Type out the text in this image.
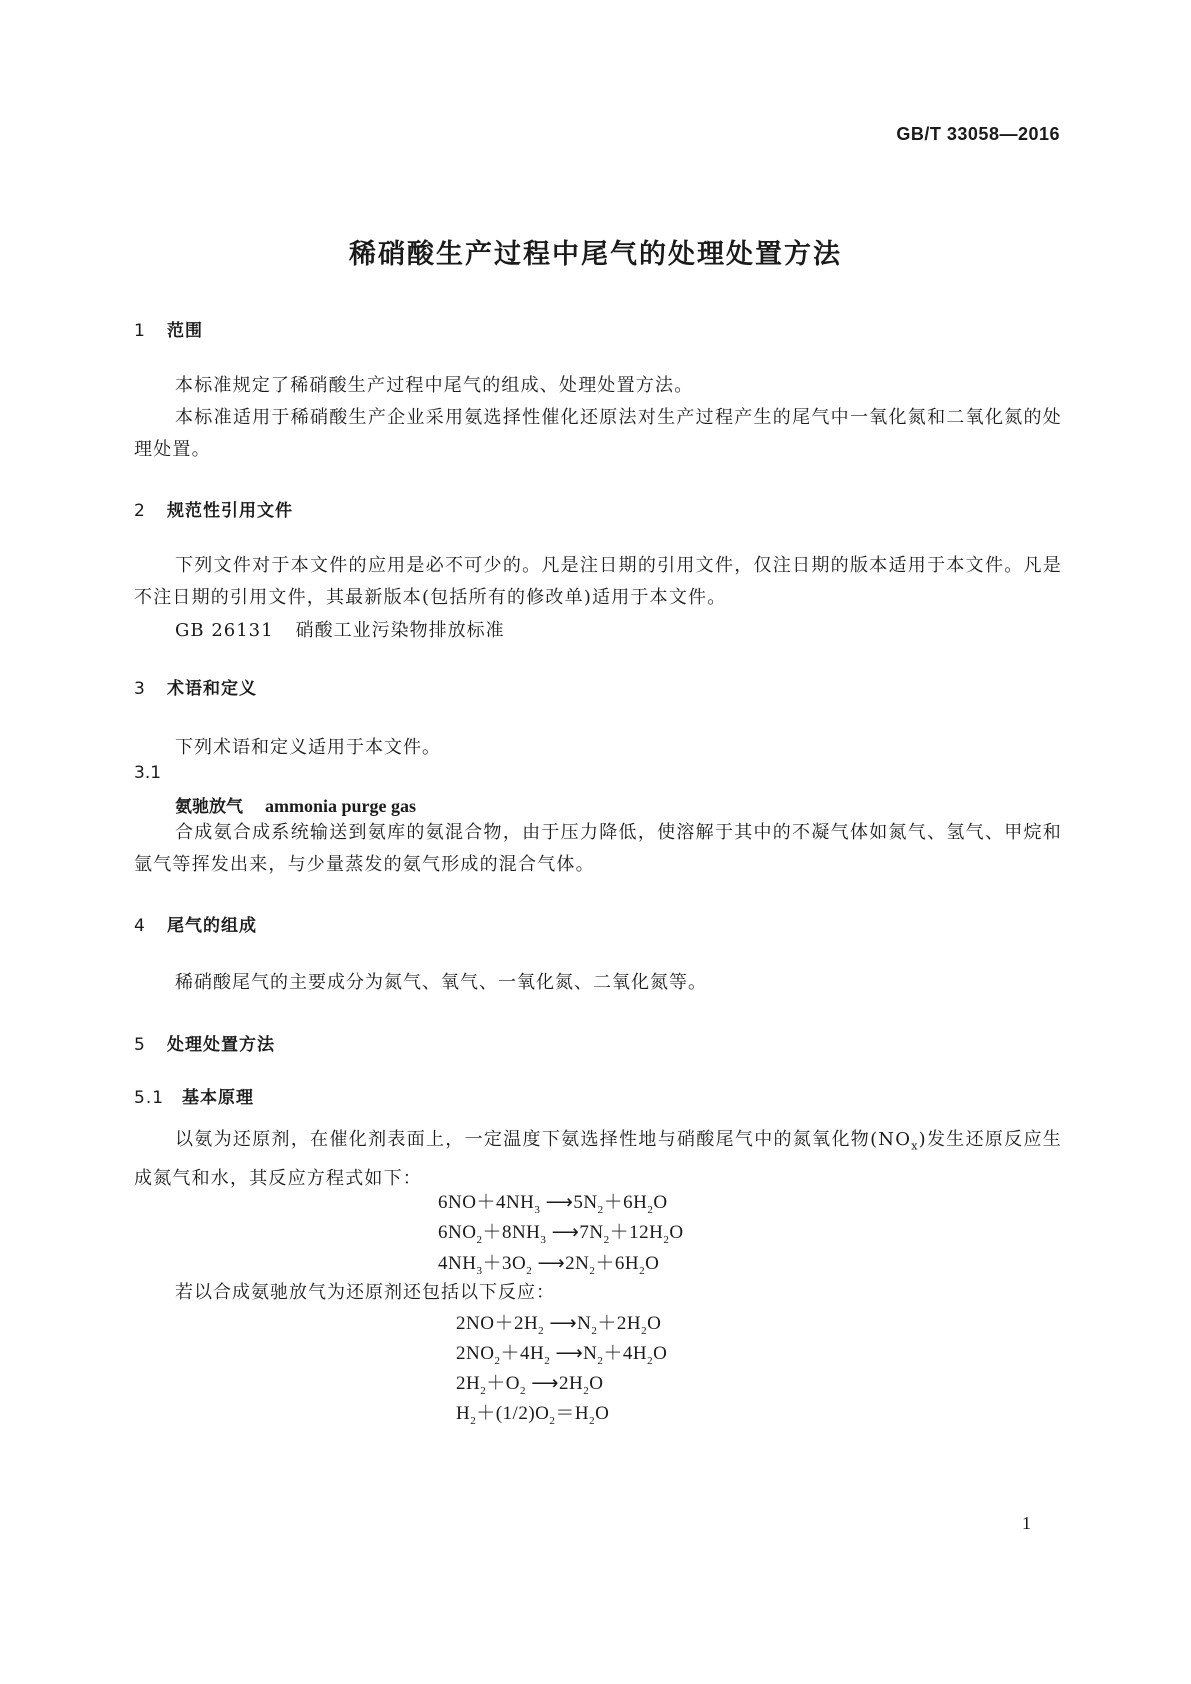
GB/T 33058—2016
稀硝酸生产过程中尾气的处理处置方法
1 范围
本标准规定了稀硝酸生产过程中尾气的组成、处理处置方法。
本标准适用于稀硝酸生产企业采用氨选择性催化还原法对生产过程产生的尾气中一氧化氮和二氧化氮的处理处置。
2 规范性引用文件
下列文件对于本文件的应用是必不可少的。凡是注日期的引用文件，仅注日期的版本适用于本文件。凡是不注日期的引用文件，其最新版本(包括所有的修改单)适用于本文件。
GB 26131 硝酸工业污染物排放标准
3 术语和定义
下列术语和定义适用于本文件。
3.1
氨驰放气 ammonia purge gas
合成氨合成系统输送到氨库的氨混合物，由于压力降低，使溶解于其中的不凝气体如氮气、氢气、甲烷和氩气等挥发出来，与少量蒸发的氨气形成的混合气体。
4 尾气的组成
稀硝酸尾气的主要成分为氮气、氧气、一氧化氮、二氧化氮等。
5 处理处置方法
5.1 基本原理
以氨为还原剂，在催化剂表面上，一定温度下氨选择性地与硝酸尾气中的氮氧化物$(NO_x)$发生还原反应生成氮气和水，其反应方程式如下：
$6NO+4NH_3$ $⟶5N_2+6H_2O$
$6NO_2+8NH_3$ $⟶7N_2+12H_2O$
$4NH_3+3O_2$ $⟶2N_2+6H_2O$
若以合成氨驰放气为还原剂还包括以下反应：
$2NO+2H_2$ $⟶N_2+2H_2O$
$2NO_2+4H_2$ $⟶N_2+4H_2O$
$2H_2+O_2$ $⟶2H_2O$
$H_2+(1/2)O_2=H_2O$
1
